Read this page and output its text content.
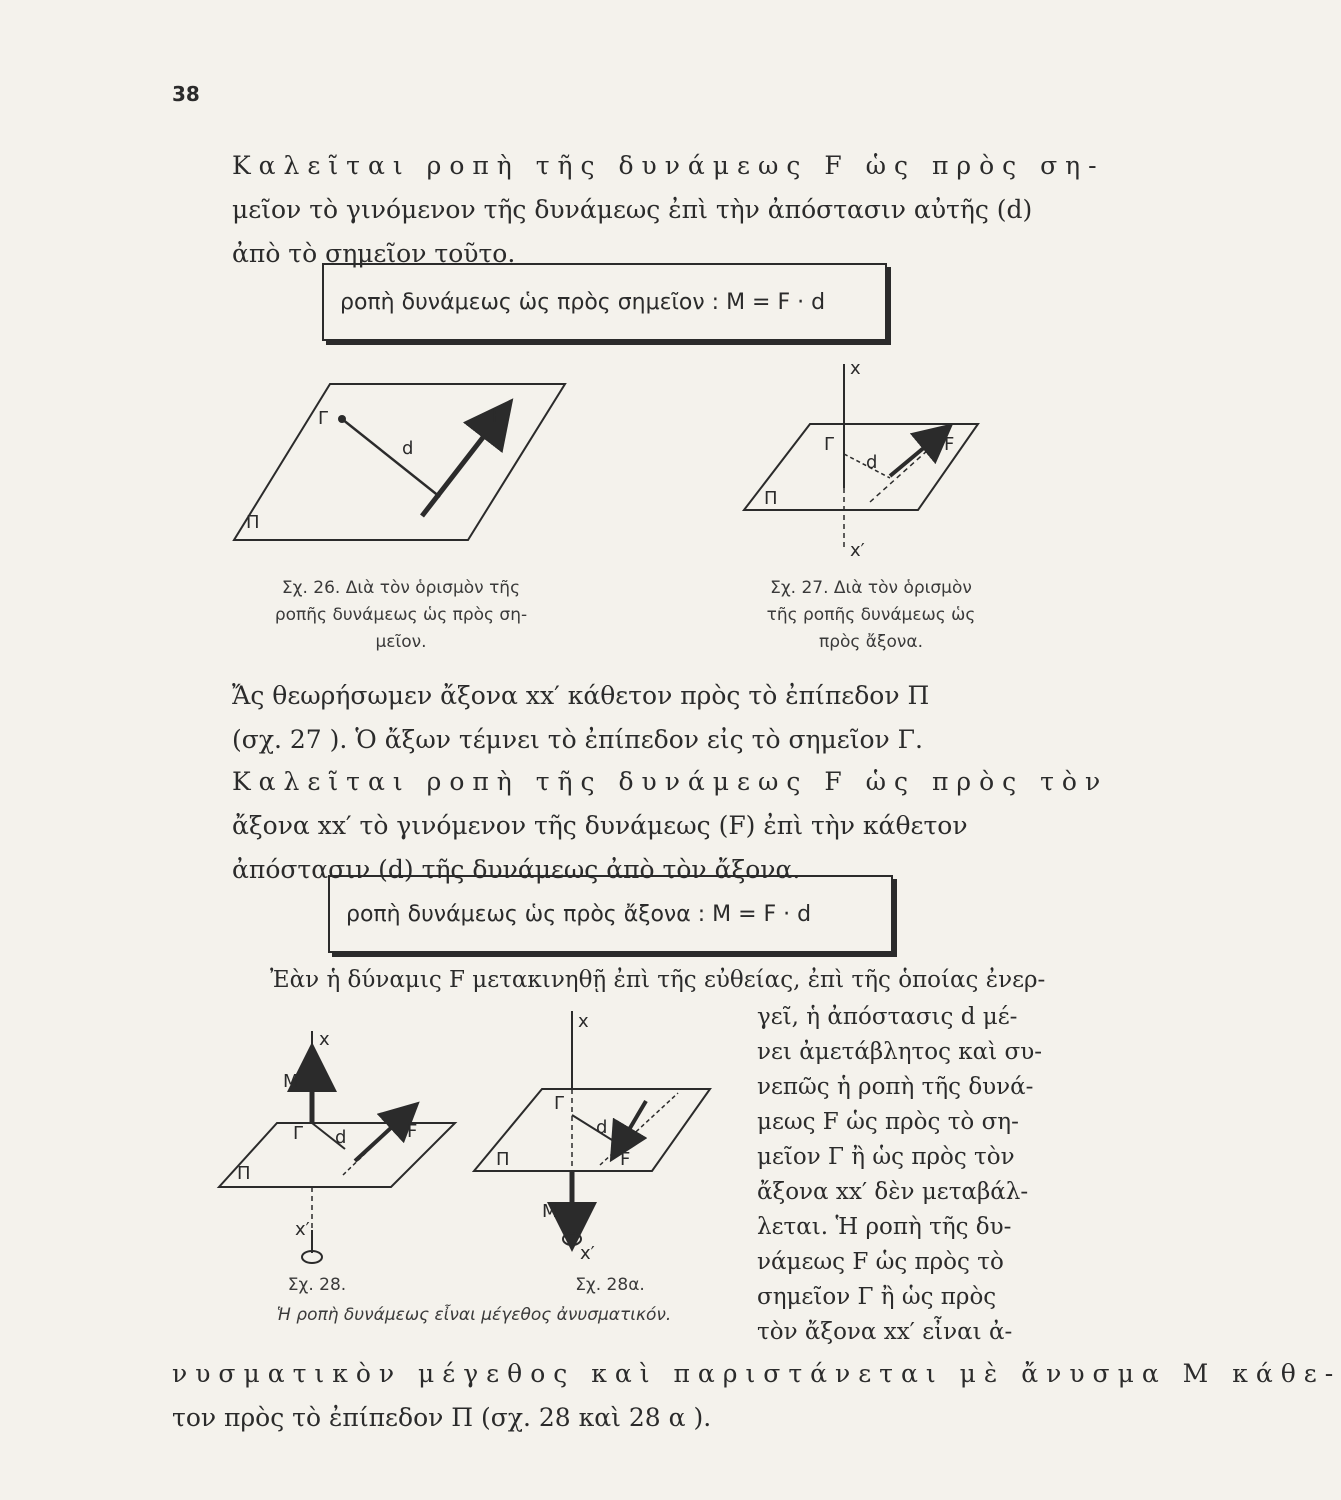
38
Καλεῖται ροπὴ τῆς δυνάμεως F ὡς πρὸς ση-
μεῖον τὸ γινόμενον τῆς δυνάμεως ἐπὶ τὴν ἀπόστασιν αὐτῆς (d)
ἀπὸ τὸ σημεῖον τοῦτο.
ροπὴ δυνάμεως ὡς πρὸς σημεῖον : M = F · d
Γ
d
F
Π
Σχ. 26. Διὰ τὸν ὁρισμὸν τῆς
ροπῆς δυνάμεως ὡς πρὸς ση-
μεῖον.
x
Γ
d
F
Π
x′
Σχ. 27. Διὰ τὸν ὁρισμὸν
τῆς ροπῆς δυνάμεως ὡς
πρὸς ἄξονα.
Ἄς θεωρήσωμεν ἄξονα xx′ κάθετον πρὸς τὸ ἐπίπεδον Π
(σχ. 27 ). Ὁ ἄξων τέμνει τὸ ἐπίπεδον εἰς τὸ σημεῖον Γ.
Καλεῖται ροπὴ τῆς δυνάμεως F ὡς πρὸς τὸν
ἄξονα xx′ τὸ γινόμενον τῆς δυνάμεως (F) ἐπὶ τὴν κάθετον
ἀπόστασιν (d) τῆς δυνάμεως ἀπὸ τὸν ἄξονα.
ροπὴ δυνάμεως ὡς πρὸς ἄξονα : M = F · d
Ἐὰν ἡ δύναμις F μετακινηθῇ ἐπὶ τῆς εὐθείας, ἐπὶ τῆς ὁποίας ἐνερ-
γεῖ, ἡ ἀπόστασις d μέ-
νει ἀμετάβλητος καὶ συ-
νεπῶς ἡ ροπὴ τῆς δυνά-
μεως F ὡς πρὸς τὸ ση-
μεῖον Γ ἢ ὡς πρὸς τὸν
ἄξονα xx′ δὲν μεταβάλ-
λεται. Ἡ ροπὴ τῆς δυ-
νάμεως F ὡς πρὸς τὸ
σημεῖον Γ ἢ ὡς πρὸς
τὸν ἄξονα xx′ εἶναι ἀ-
x
M
Γ d	F
Π
x′
Σχ. 28.
x
Γ
d
F
Π
M
x′
Σχ. 28α.
Ἡ ροπὴ δυνάμεως εἶναι μέγεθος ἀνυσματικόν.
νυσματικὸν μέγεθος καὶ παριστάνεται μὲ ἄνυσμα M κάθε-
τον πρὸς τὸ ἐπίπεδον Π (σχ. 28 καὶ 28 α ).
